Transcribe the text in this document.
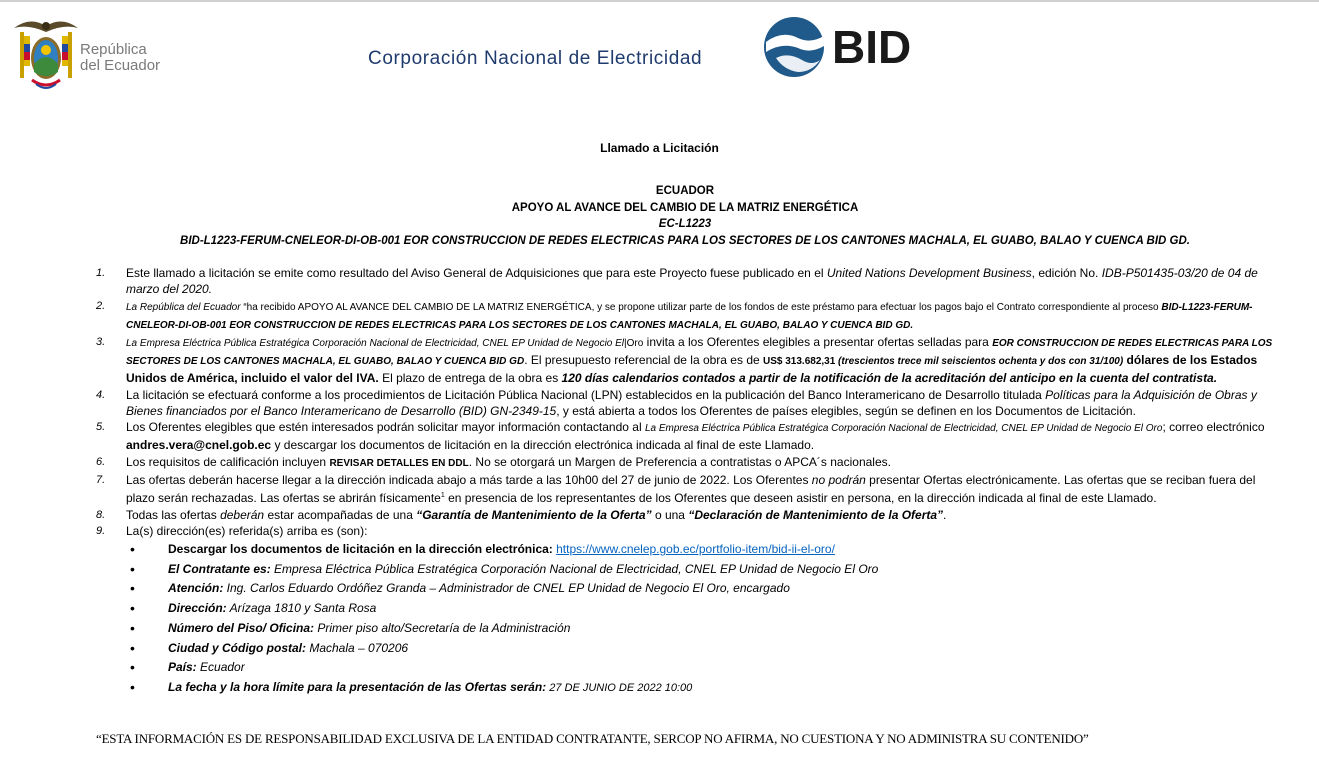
República
del Ecuador	Corporación Nacional de Electricidad	BID
Llamado a Licitación
ECUADOR
APOYO AL AVANCE DEL CAMBIO DE LA MATRIZ ENERGÉTICA
EC-L1223
BID-L1223-FERUM-CNELEOR-DI-OB-001 EOR CONSTRUCCION DE REDES ELECTRICAS PARA LOS SECTORES DE LOS CANTONES MACHALA, EL GUABO, BALAO Y CUENCA BID GD.
1. Este llamado a licitación se emite como resultado del Aviso General de Adquisiciones que para este Proyecto fuese publicado en el United Nations Development Business, edición No. IDB-P501435-03/20 de 04 de marzo del 2020.
2. La República del Ecuador “ha recibido APOYO AL AVANCE DEL CAMBIO DE LA MATRIZ ENERGÉTICA, y se propone utilizar parte de los fondos de este préstamo para efectuar los pagos bajo el Contrato correspondiente al proceso BID-L1223-FERUM-CNELEOR-DI-OB-001 EOR CONSTRUCCION DE REDES ELECTRICAS PARA LOS SECTORES DE LOS CANTONES MACHALA, EL GUABO, BALAO Y CUENCA BID GD.
3. La Empresa Eléctrica Pública Estratégica Corporación Nacional de Electricidad, CNEL EP Unidad de Negocio El|Oro invita a los Oferentes elegibles a presentar ofertas selladas para EOR CONSTRUCCION DE REDES ELECTRICAS PARA LOS SECTORES DE LOS CANTONES MACHALA, EL GUABO, BALAO Y CUENCA BID GD. El presupuesto referencial de la obra es de US$ 313.682,31 (trescientos trece mil seiscientos ochenta y dos con 31/100) dólares de los Estados Unidos de América, incluido el valor del IVA. El plazo de entrega de la obra es 120 días calendarios contados a partir de la notificación de la acreditación del anticipo en la cuenta del contratista.
4. La licitación se efectuará conforme a los procedimientos de Licitación Pública Nacional (LPN) establecidos en la publicación del Banco Interamericano de Desarrollo titulada Políticas para la Adquisición de Obras y Bienes financiados por el Banco Interamericano de Desarrollo (BID) GN-2349-15, y está abierta a todos los Oferentes de países elegibles, según se definen en los Documentos de Licitación.
5. Los Oferentes elegibles que estén interesados podrán solicitar mayor información contactando al La Empresa Eléctrica Pública Estratégica Corporación Nacional de Electricidad, CNEL EP Unidad de Negocio El Oro; correo electrónico andres.vera@cnel.gob.ec y descargar los documentos de licitación en la dirección electrónica indicada al final de este Llamado.
6. Los requisitos de calificación incluyen REVISAR DETALLES EN DDL. No se otorgará un Margen de Preferencia a contratistas o APCA´s nacionales.
7. Las ofertas deberán hacerse llegar a la dirección indicada abajo a más tarde a las 10h00 del 27 de junio de 2022. Los Oferentes no podrán presentar Ofertas electrónicamente. Las ofertas que se reciban fuera del plazo serán rechazadas. Las ofertas se abrirán físicamente$^1$ en presencia de los representantes de los Oferentes que deseen asistir en persona, en la dirección indicada al final de este Llamado.
8. Todas las ofertas deberán estar acompañadas de una “Garantía de Mantenimiento de la Oferta” o una “Declaración de Mantenimiento de la Oferta”.
9. La(s) dirección(es) referida(s) arriba es (son):
• Descargar los documentos de licitación en la dirección electrónica: https://www.cnelep.gob.ec/portfolio-item/bid-ii-el-oro/
• El Contratante es: Empresa Eléctrica Pública Estratégica Corporación Nacional de Electricidad, CNEL EP Unidad de Negocio El Oro
• Atención: Ing. Carlos Eduardo Ordóñez Granda – Administrador de CNEL EP Unidad de Negocio El Oro, encargado
• Dirección: Arízaga 1810 y Santa Rosa
• Número del Piso/ Oficina: Primer piso alto/Secretaría de la Administración
• Ciudad y Código postal: Machala – 070206
• País: Ecuador
• La fecha y la hora límite para la presentación de las Ofertas serán: 27 DE JUNIO DE 2022 10:00
“ESTA INFORMACIÓN ES DE RESPONSABILIDAD EXCLUSIVA DE LA ENTIDAD CONTRATANTE, SERCOP NO AFIRMA, NO CUESTIONA Y NO ADMINISTRA SU CONTENIDO”
